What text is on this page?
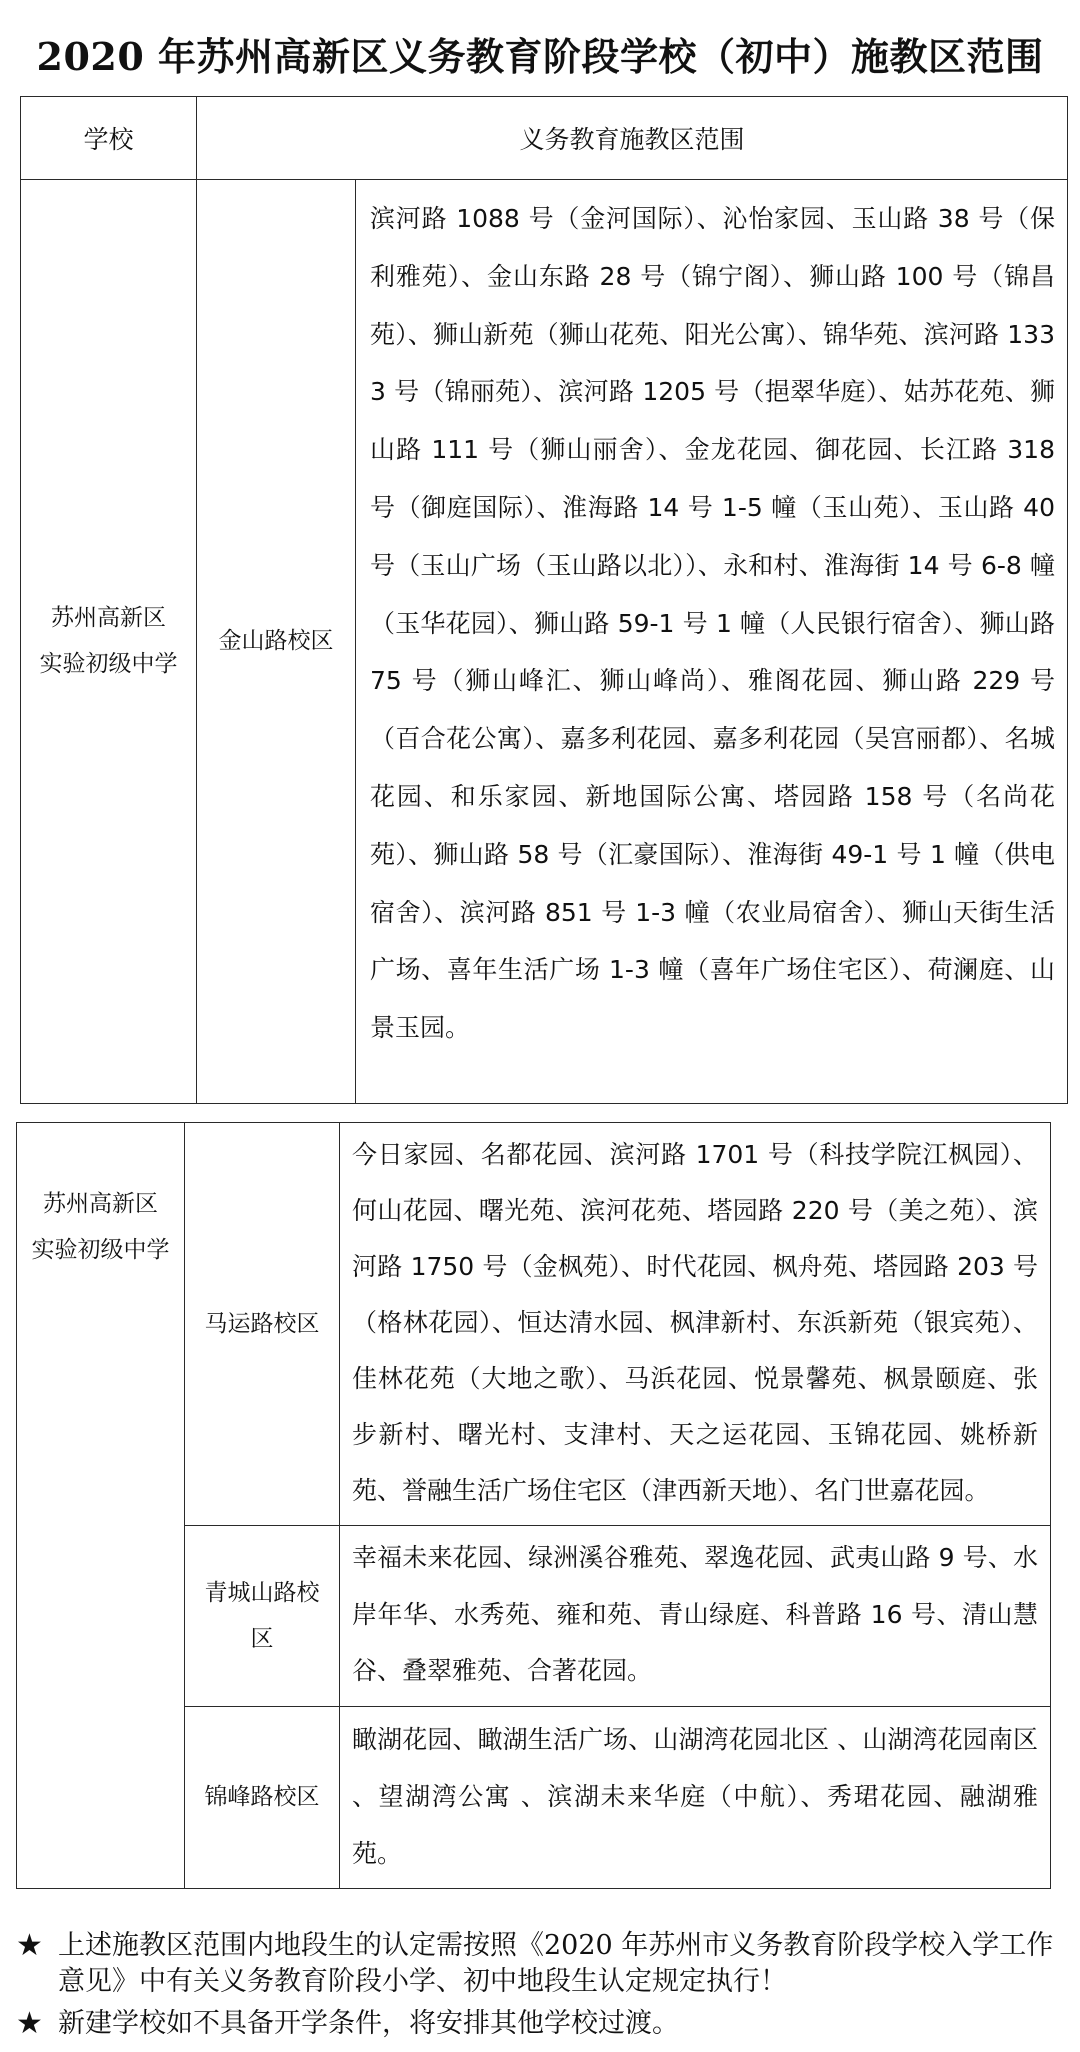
2020 年苏州高新区义务教育阶段学校（初中）施教区范围
学校	义务教育施教区范围	
苏州高新区
实验初级中学	金山路校区	滨河路 1088 号（金河国际）、沁怡家园、玉山路 38 号（保利雅苑）、金山东路 28 号（锦宁阁）、狮山路 100 号（锦昌苑）、狮山新苑（狮山花苑、阳光公寓）、锦华苑、滨河路 1333 号（锦丽苑）、滨河路 1205 号（挹翠华庭）、姑苏花苑、狮山路 111 号（狮山丽舍）、金龙花园、御花园、长江路 318 号（御庭国际）、淮海路 14 号 1-5 幢（玉山苑）、玉山路 40 号（玉山广场（玉山路以北））、永和村、淮海街 14 号 6-8 幢（玉华花园）、狮山路 59-1 号 1 幢（人民银行宿舍）、狮山路 75 号（狮山峰汇、狮山峰尚）、雅阁花园、狮山路 229 号（百合花公寓）、嘉多利花园、嘉多利花园（吴宫丽都）、名城花园、和乐家园、新地国际公寓、塔园路 158 号（名尚花苑）、狮山路 58 号（汇豪国际）、淮海街 49-1 号 1 幢（供电宿舍）、滨河路 851 号 1-3 幢（农业局宿舍）、狮山天街生活广场、喜年生活广场 1-3 幢（喜年广场住宅区）、荷澜庭、山景玉园。
苏州高新区
实验初级中学	马运路校区	今日家园、名都花园、滨河路 1701 号（科技学院江枫园）、何山花园、曙光苑、滨河花苑、塔园路 220 号（美之苑）、滨河路 1750 号（金枫苑）、时代花园、枫舟苑、塔园路 203 号（格林花园）、恒达清水园、枫津新村、东浜新苑（银宾苑）、佳林花苑（大地之歌）、马浜花园、悦景馨苑、枫景颐庭、张步新村、曙光村、支津村、天之运花园、玉锦花园、姚桥新苑、誉融生活广场住宅区（津西新天地）、名门世嘉花园。
	青城山路校区	幸福未来花园、绿洲溪谷雅苑、翠逸花园、武夷山路 9 号、水岸年华、水秀苑、雍和苑、青山绿庭、科普路 16 号、清山慧谷、叠翠雅苑、合著花园。
	锦峰路校区	瞰湖花园、瞰湖生活广场、山湖湾花园北区 、山湖湾花园南区 、望湖湾公寓 、滨湖未来华庭（中航）、秀珺花园、融湖雅苑。
★ 上述施教区范围内地段生的认定需按照《2020 年苏州市义务教育阶段学校入学工作意见》中有关义务教育阶段小学、初中地段生认定规定执行！
★ 新建学校如不具备开学条件，将安排其他学校过渡。
